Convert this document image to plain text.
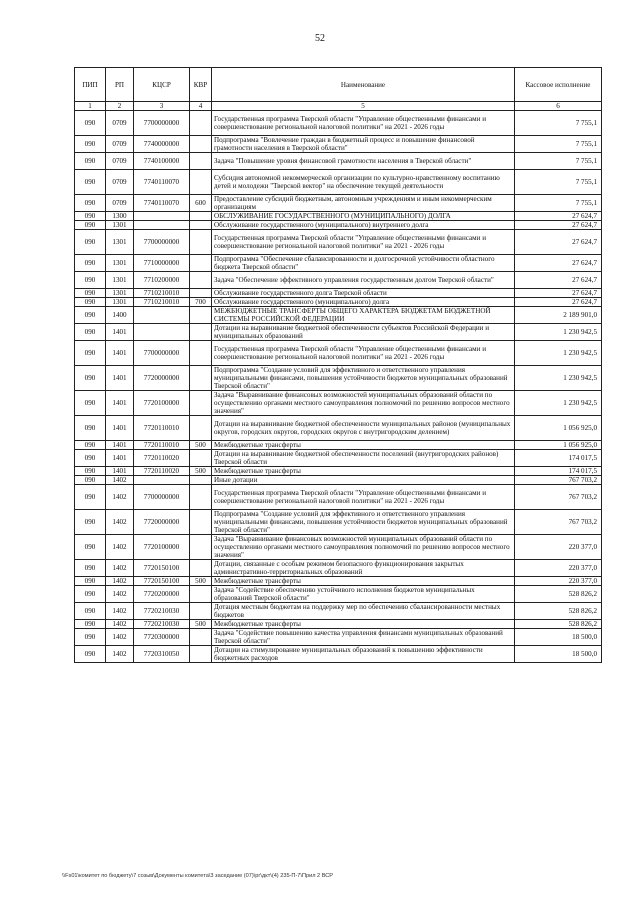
52
ПИП	РП	КЦСР	КВР	Наименование	Кассовое исполнение
1	2	3	4	5	6
090	0709	7700000000		Государственная программа Тверской области "Управление общественными финансами и совершенствование региональной налоговой политики" на 2021 - 2026 годы	7 755,1
090	0709	7740000000		Подпрограмма "Вовлечение граждан в бюджетный процесс и повышение финансовой грамотности населения в Тверской области"	7 755,1
090	0709	7740100000		Задача "Повышение уровня финансовой грамотности населения в Тверской области"	7 755,1
090	0709	7740110070		Субсидия автономной некоммерческой организации по культурно-нравственному воспитанию детей и молодежи "Тверской вектор" на обеспечение текущей деятельности	7 755,1
090	0709	7740110070	600	Предоставление субсидий бюджетным, автономным учреждениям и иным некоммерческим организациям	7 755,1
090	1300			ОБСЛУЖИВАНИЕ ГОСУДАРСТВЕННОГО (МУНИЦИПАЛЬНОГО) ДОЛГА	27 624,7
090	1301			Обслуживание государственного (муниципального) внутреннего долга	27 624,7
090	1301	7700000000		Государственная программа Тверской области "Управление общественными финансами и совершенствование региональной налоговой политики" на 2021 - 2026 годы	27 624,7
090	1301	7710000000		Подпрограмма "Обеспечение сбалансированности и долгосрочной устойчивости областного бюджета Тверской области"	27 624,7
090	1301	7710200000		Задача "Обеспечение эффективного управления государственным долгом Тверской области"	27 624,7
090	1301	7710210010		Обслуживание государственного долга Тверской области	27 624,7
090	1301	7710210010	700	Обслуживание государственного (муниципального) долга	27 624,7
090	1400			МЕЖБЮДЖЕТНЫЕ ТРАНСФЕРТЫ ОБЩЕГО ХАРАКТЕРА БЮДЖЕТАМ БЮДЖЕТНОЙ СИСТЕМЫ РОССИЙСКОЙ ФЕДЕРАЦИИ	2 189 901,0
090	1401			Дотации на выравнивание бюджетной обеспеченности субъектов Российской Федерации и муниципальных образований	1 230 942,5
090	1401	7700000000		Государственная программа Тверской области "Управление общественными финансами и совершенствование региональной налоговой политики" на 2021 - 2026 годы	1 230 942,5
090	1401	7720000000		Подпрограмма "Создание условий для эффективного и ответственного управления муниципальными финансами, повышения устойчивости бюджетов муниципальных образований Тверской области"	1 230 942,5
090	1401	7720100000		Задача "Выравнивание финансовых возможностей муниципальных образований области по осуществлению органами местного самоуправления полномочий по решению вопросов местного значения"	1 230 942,5
090	1401	7720110010		Дотации на выравнивание бюджетной обеспеченности муниципальных районов (муниципальных округов, городских округов, городских округов с внутригородским делением)	1 056 925,0
090	1401	7720110010	500	Межбюджетные трансферты	1 056 925,0
090	1401	7720110020		Дотации на выравнивание бюджетной обеспеченности поселений (внутригородских районов) Тверской области	174 017,5
090	1401	7720110020	500	Межбюджетные трансферты	174 017,5
090	1402			Иные дотации	767 703,2
090	1402	7700000000		Государственная программа Тверской области "Управление общественными финансами и совершенствование региональной налоговой политики" на 2021 - 2026 годы	767 703,2
090	1402	7720000000		Подпрограмма "Создание условий для эффективного и ответственного управления муниципальными финансами, повышения устойчивости бюджетов муниципальных образований Тверской области"	767 703,2
090	1402	7720100000		Задача "Выравнивание финансовых возможностей муниципальных образований области по осуществлению органами местного самоуправления полномочий по решению вопросов местного значения"	220 377,0
090	1402	7720150100		Дотации, связанные с особым режимом безопасного функционирования закрытых административно-территориальных образований	220 377,0
090	1402	7720150100	500	Межбюджетные трансферты	220 377,0
090	1402	7720200000		Задача "Содействие обеспечению устойчивого исполнения бюджетов муниципальных образований Тверской области"	528 826,2
090	1402	7720210030		Дотация местным бюджетам на поддержку мер по обеспечению сбалансированности местных бюджетов	528 826,2
090	1402	7720210030	500	Межбюджетные трансферты	528 826,2
090	1402	7720300000		Задача "Содействие повышению качества управления финансами муниципальных образований Тверской области"	18 500,0
090	1402	7720310050		Дотации на стимулирование муниципальных образований к повышению эффективности бюджетных расходов	18 500,0
\\Fs01\комитет по бюджету\7 созыв\Документы комитета\3 заседание (07)\рг\дкт\(4) 235-П-7\Прил 2 ВСР
